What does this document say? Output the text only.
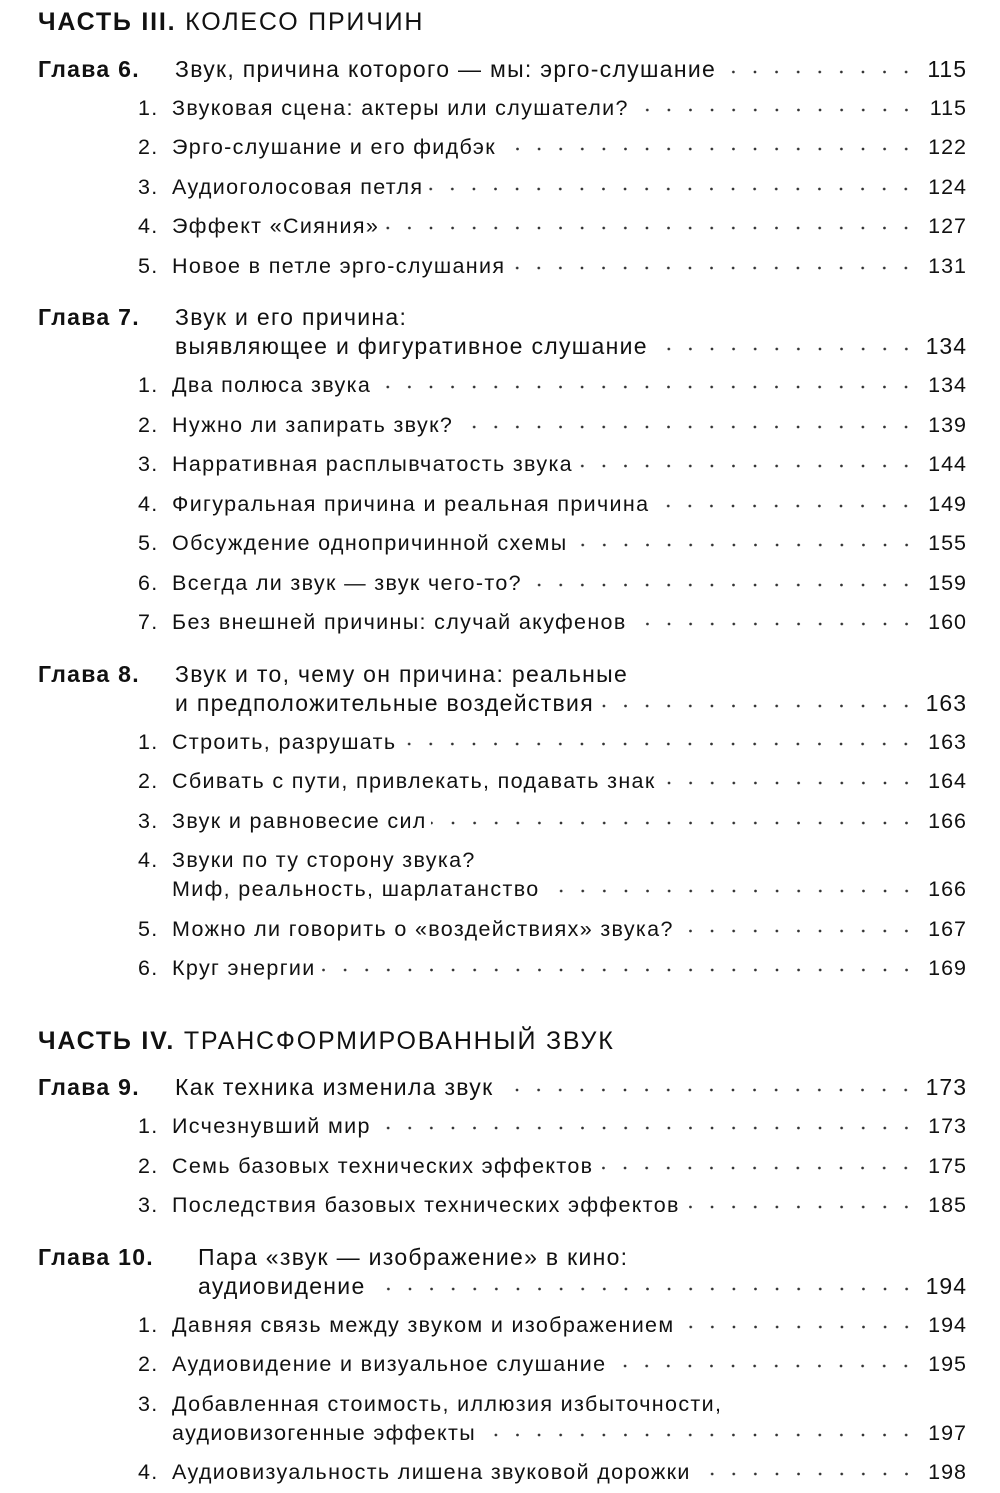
ЧАСТЬ III. КОЛЕСО ПРИЧИН
Глава 6.	Звук, причина которого — мы: эрго-слушание	115
1. Звуковая сцена: актеры или слушатели?	115
2. Эрго-слушание и его фидбэк	122
3. Аудиоголосовая петля	124
4. Эффект «Сияния»	127
5. Новое в петле эрго-слушания	131
Глава 7.	Звук и его причина:
выявляющее и фигуративное слушание	134
1. Два полюса звука	134
2. Нужно ли запирать звук?	139
3. Нарративная расплывчатость звука	144
4. Фигуральная причина и реальная причина	149
5. Обсуждение однопричинной схемы	155
6. Всегда ли звук — звук чего-то?	159
7. Без внешней причины: случай акуфенов	160
Глава 8.	Звук и то, чему он причина: реальные
и предположительные воздействия	163
1. Строить, разрушать	163
2. Сбивать с пути, привлекать, подавать знак	164
3. Звук и равновесие сил	166
4. Звуки по ту сторону звука?
Миф, реальность, шарлатанство	166
5. Можно ли говорить о «воздействиях» звука?	167
6. Круг энергии	169
ЧАСТЬ IV. ТРАНСФОРМИРОВАННЫЙ ЗВУК
Глава 9.	Как техника изменила звук	173
1. Исчезнувший мир	173
2. Семь базовых технических эффектов	175
3. Последствия базовых технических эффектов	185
Глава 10.	Пара «звук — изображение» в кино:
аудиовидение	194
1. Давняя связь между звуком и изображением	194
2. Аудиовидение и визуальное слушание	195
3. Добавленная стоимость, иллюзия избыточности,
аудиовизогенные эффекты	197
4. Аудиовизуальность лишена звуковой дорожки	198
